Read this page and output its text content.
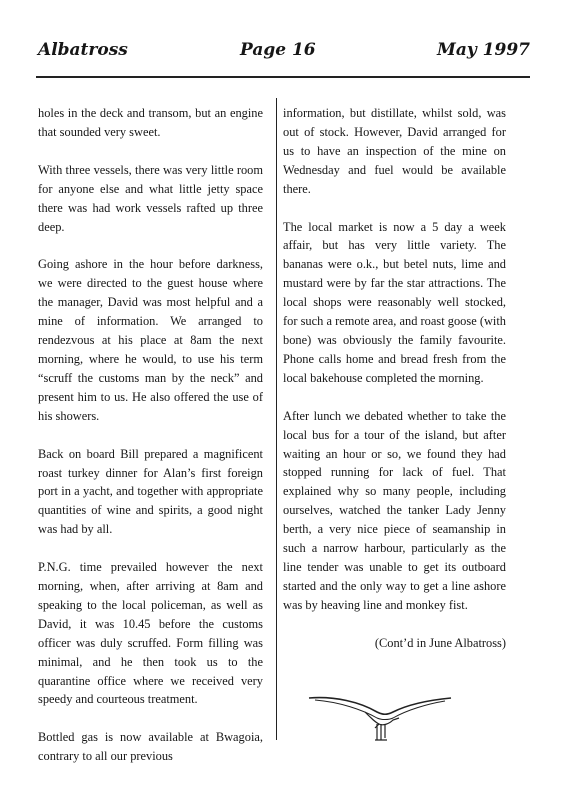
Albatross	Page 16	May 1997

holes in the deck and transom, but an engine that sounded very sweet.

With three vessels, there was very little room for anyone else and what little jetty space there was had work vessels rafted up three deep.

Going ashore in the hour before darkness, we were directed to the guest house where the manager, David was most helpful and a mine of information. We arranged to rendezvous at his place at 8am the next morning, where he would, to use his term “scruff the customs man by the neck” and present him to us. He also offered the use of his showers.

Back on board Bill prepared a magnificent roast turkey dinner for Alan’s first foreign port in a yacht, and together with appropriate quantities of wine and spirits, a good night was had by all.

P.N.G. time prevailed however the next morning, when, after arriving at 8am and speaking to the local policeman, as well as David, it was 10.45 before the customs officer was duly scruffed. Form filling was minimal, and he then took us to the quarantine office where we received very speedy and courteous treatment.

Bottled gas is now available at Bwagoia, contrary to all our previous

information, but distillate, whilst sold, was out of stock. However, David arranged for us to have an inspection of the mine on Wednesday and fuel would be available there.

The local market is now a 5 day a week affair, but has very little variety. The bananas were o.k., but betel nuts, lime and mustard were by far the star attractions. The local shops were reasonably well stocked, for such a remote area, and roast goose (with bone) was obviously the family favourite. Phone calls home and bread fresh from the local bakehouse completed the morning.

After lunch we debated whether to take the local bus for a tour of the island, but after waiting an hour or so, we found they had stopped running for lack of fuel. That explained why so many people, including ourselves, watched the tanker Lady Jenny berth, a very nice piece of seamanship in such a narrow harbour, particularly as the line tender was unable to get its outboard started and the only way to get a line ashore was by heaving line and monkey fist.

(Cont’d in June Albatross)
